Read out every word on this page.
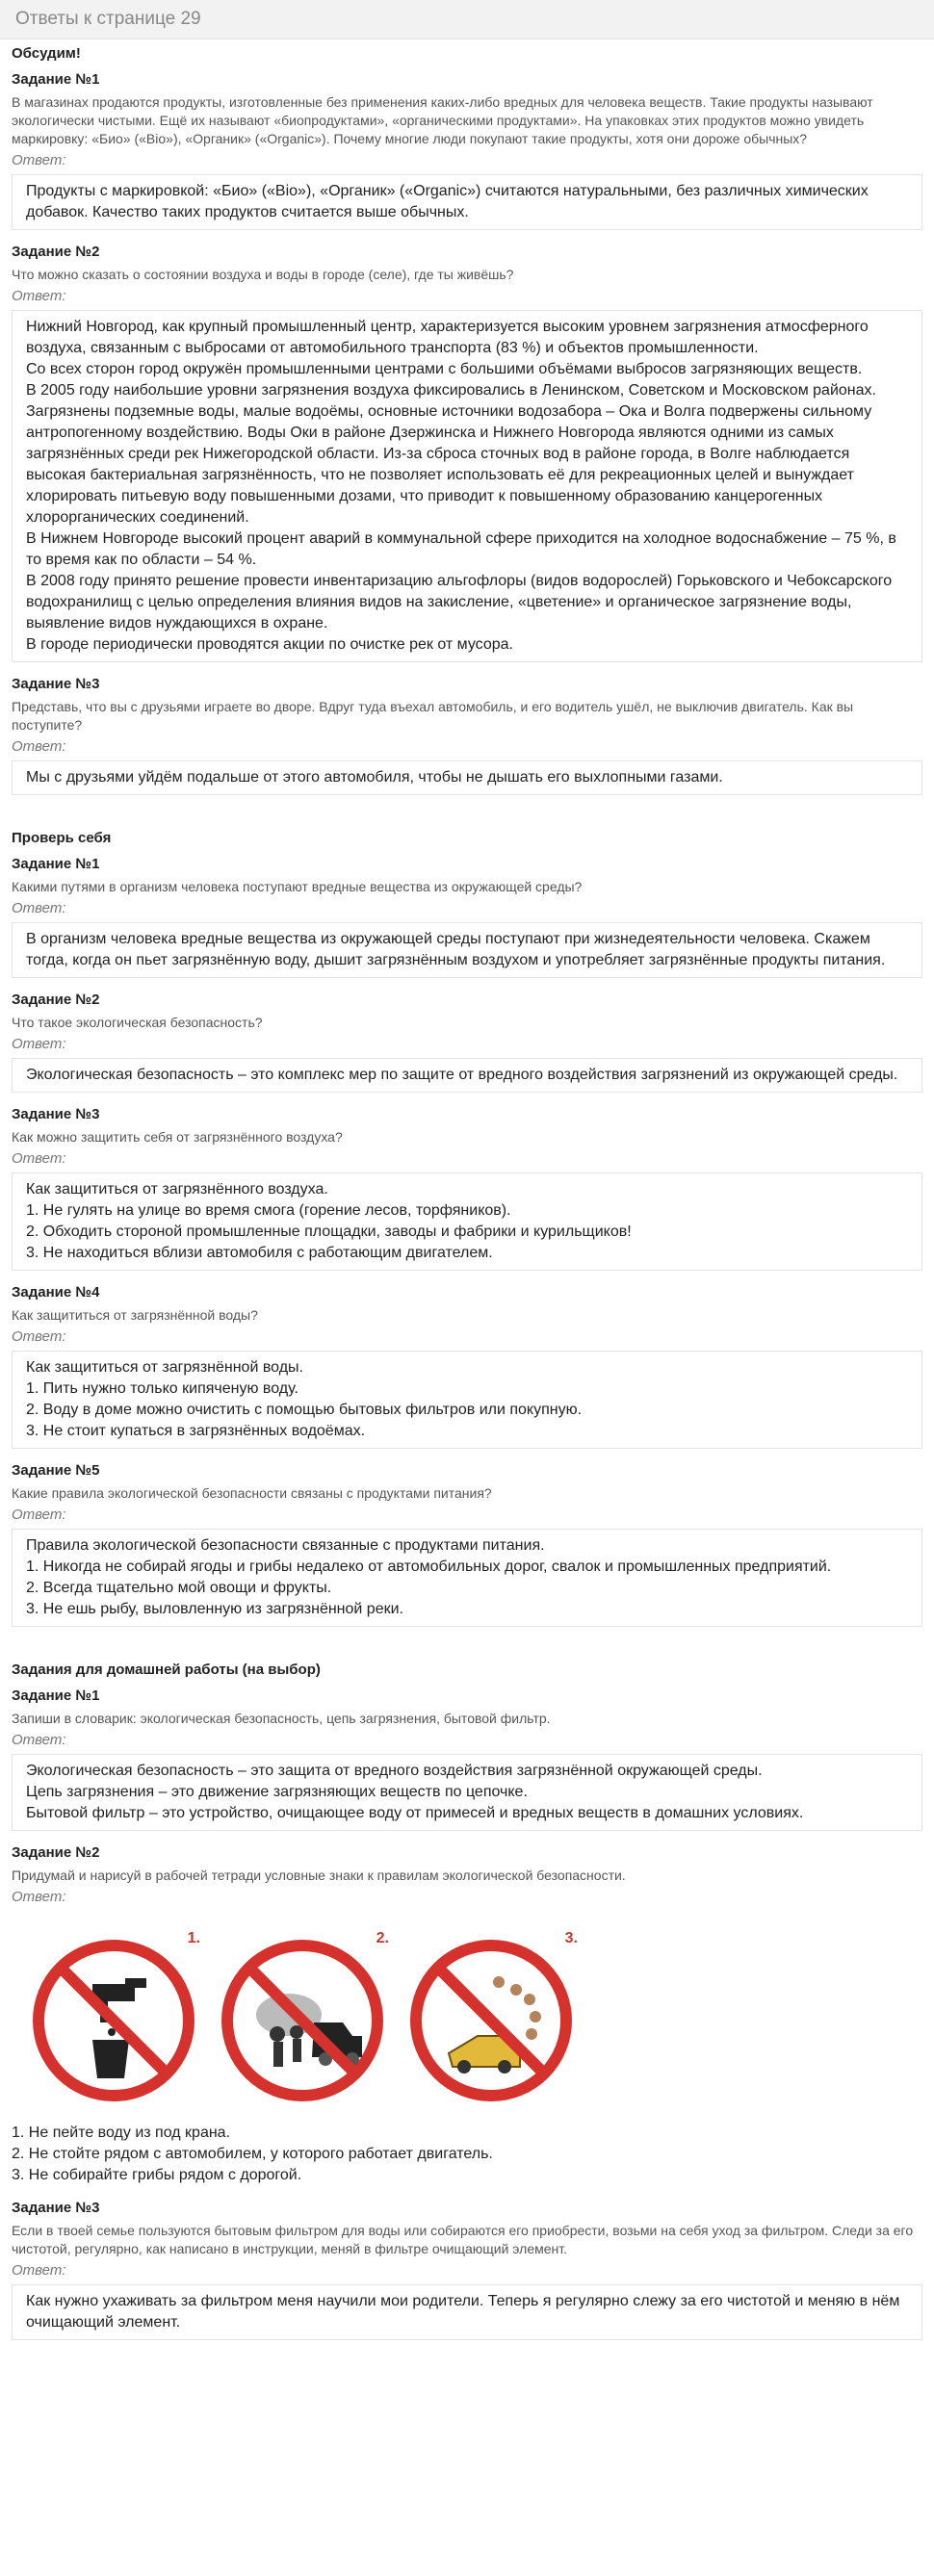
Ответы к странице 29
Обсудим!
Задание №1
В магазинах продаются продукты, изготовленные без применения каких-либо вредных для человека веществ. Такие продукты называют экологически чистыми. Ещё их называют «биопродуктами», «органическими продуктами». На упаковках этих продуктов можно увидеть маркировку: «Био» («Bio»), «Органик» («Organic»). Почему многие люди покупают такие продукты, хотя они дороже обычных?
Ответ:

Продукты с маркировкой: «Био» («Bio»), «Органик» («Organic») считаются натуральными, без различных химических добавок. Качество таких продуктов считается выше обычных.

Задание №2
Что можно сказать о состоянии воздуха и воды в городе (селе), где ты живёшь?
Ответ:

Нижний Новгород, как крупный промышленный центр, характеризуется высоким уровнем загрязнения атмосферного воздуха, связанным с выбросами от автомобильного транспорта (83 %) и объектов промышленности.

Со всех сторон город окружён промышленными центрами с большими объёмами выбросов загрязняющих веществ.

В 2005 году наибольшие уровни загрязнения воздуха фиксировались в Ленинском, Советском и Московском районах.

Загрязнены подземные воды, малые водоёмы, основные источники водозабора – Ока и Волга подвержены сильному антропогенному воздействию. Воды Оки в районе Дзержинска и Нижнего Новгорода являются одними из самых загрязнённых среди рек Нижегородской области. Из-за сброса сточных вод в районе города, в Волге наблюдается высокая бактериальная загрязнённость, что не позволяет использовать её для рекреационных целей и вынуждает хлорировать питьевую воду повышенными дозами, что приводит к повышенному образованию канцерогенных хлорорганических соединений.

В Нижнем Новгороде высокий процент аварий в коммунальной сфере приходится на холодное водоснабжение – 75 %, в то время как по области – 54 %.

В 2008 году принято решение провести инвентаризацию альгофлоры (видов водорослей) Горьковского и Чебоксарского водохранилищ с целью определения влияния видов на закисление, «цветение» и органическое загрязнение воды, выявление видов нуждающихся в охране.

В городе периодически проводятся акции по очистке рек от мусора.

Задание №3
Представь, что вы с друзьями играете во дворе. Вдруг туда въехал автомобиль, и его водитель ушёл, не выключив двигатель. Как вы поступите?
Ответ:

Мы с друзьями уйдём подальше от этого автомобиля, чтобы не дышать его выхлопными газами.

Проверь себя
Задание №1
Какими путями в организм человека поступают вредные вещества из окружающей среды?
Ответ:

В организм человека вредные вещества из окружающей среды поступают при жизнедеятельности человека. Скажем тогда, когда он пьет загрязнённую воду, дышит загрязнённым воздухом и употребляет загрязнённые продукты питания.

Задание №2
Что такое экологическая безопасность?
Ответ:

Экологическая безопасность – это комплекс мер по защите от вредного воздействия загрязнений из окружающей среды.

Задание №3
Как можно защитить себя от загрязнённого воздуха?
Ответ:

Как защититься от загрязнённого воздуха.

1. Не гулять на улице во время смога (горение лесов, торфяников).

2. Обходить стороной промышленные площадки, заводы и фабрики и курильщиков!

3. Не находиться вблизи автомобиля с работающим двигателем.

Задание №4
Как защититься от загрязнённой воды?
Ответ:

Как защититься от загрязнённой воды.

1. Пить нужно только кипяченую воду.

2. Воду в доме можно очистить с помощью бытовых фильтров или покупную.

3. Не стоит купаться в загрязнённых водоёмах.

Задание №5
Какие правила экологической безопасности связаны с продуктами питания?
Ответ:

Правила экологической безопасности связанные с продуктами питания.

1. Никогда не собирай ягоды и грибы недалеко от автомобильных дорог, свалок и промышленных предприятий.

2. Всегда тщательно мой овощи и фрукты.

3. Не ешь рыбу, выловленную из загрязнённой реки.

Задания для домашней работы (на выбор)
Задание №1
Запиши в словарик: экологическая безопасность, цепь загрязнения, бытовой фильтр.
Ответ:

Экологическая безопасность – это защита от вредного воздействия загрязнённой окружающей среды.

Цепь загрязнения – это движение загрязняющих веществ по цепочке.

Бытовой фильтр – это устройство, очищающее воду от примесей и вредных веществ в домашних условиях.

Задание №2
Придумай и нарисуй в рабочей тетради условные знаки к правилам экологической безопасности.
Ответ:
1.	2.	3.
1. Не пейте воду из под крана.
2. Не стойте рядом с автомобилем, у которого работает двигатель.
3. Не собирайте грибы рядом с дорогой.
Задание №3
Если в твоей семье пользуются бытовым фильтром для воды или собираются его приобрести, возьми на себя уход за фильтром. Следи за его чистотой, регулярно, как написано в инструкции, меняй в фильтре очищающий элемент.
Ответ:

Как нужно ухаживать за фильтром меня научили мои родители. Теперь я регулярно слежу за его чистотой и меняю в нём очищающий элемент.
